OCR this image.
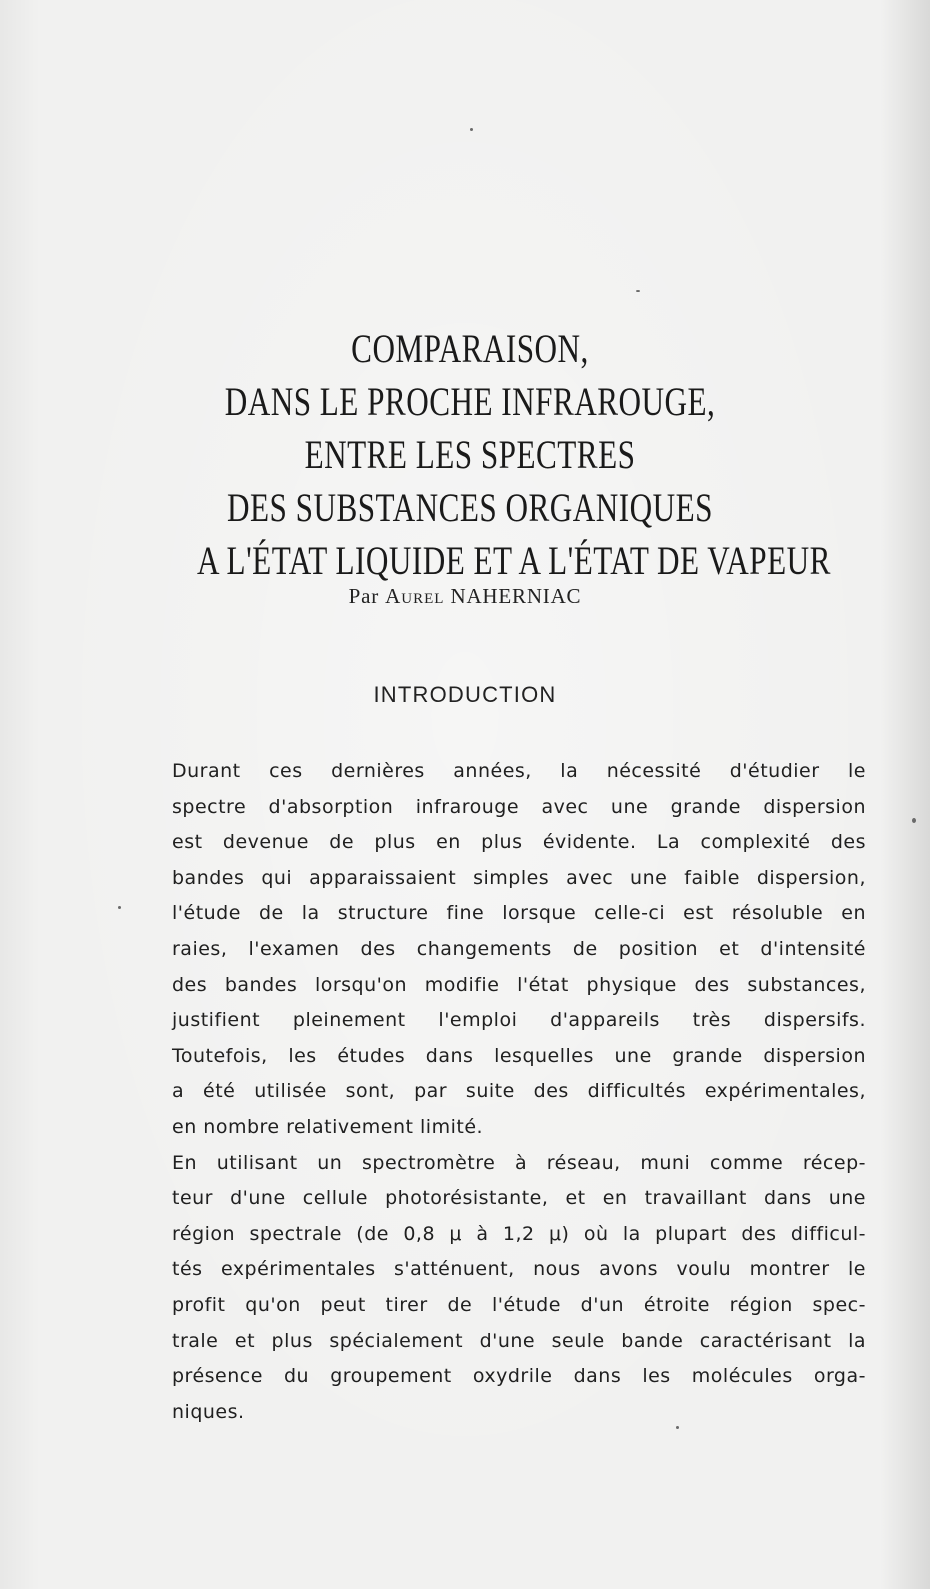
COMPARAISON,
DANS LE PROCHE INFRAROUGE,
ENTRE LES SPECTRES
DES SUBSTANCES ORGANIQUES
A L'ÉTAT LIQUIDE ET A L'ÉTAT DE VAPEUR
Par Aurel NAHERNIAC
INTRODUCTION
Durant ces dernières années, la nécessité d'étudier le
spectre d'absorption infrarouge avec une grande dispersion
est devenue de plus en plus évidente. La complexité des
bandes qui apparaissaient simples avec une faible dispersion,
l'étude de la structure fine lorsque celle-ci est résoluble en
raies, l'examen des changements de position et d'intensité
des bandes lorsqu'on modifie l'état physique des substances,
justifient pleinement l'emploi d'appareils très dispersifs.
Toutefois, les études dans lesquelles une grande dispersion
a été utilisée sont, par suite des difficultés expérimentales,
en nombre relativement limité.
En utilisant un spectromètre à réseau, muni comme récep-
teur d'une cellule photorésistante, et en travaillant dans une
région spectrale (de 0,8 μ à 1,2 μ) où la plupart des difficul-
tés expérimentales s'atténuent, nous avons voulu montrer le
profit qu'on peut tirer de l'étude d'un étroite région spec-
trale et plus spécialement d'une seule bande caractérisant la
présence du groupement oxydrile dans les molécules orga-
niques.
